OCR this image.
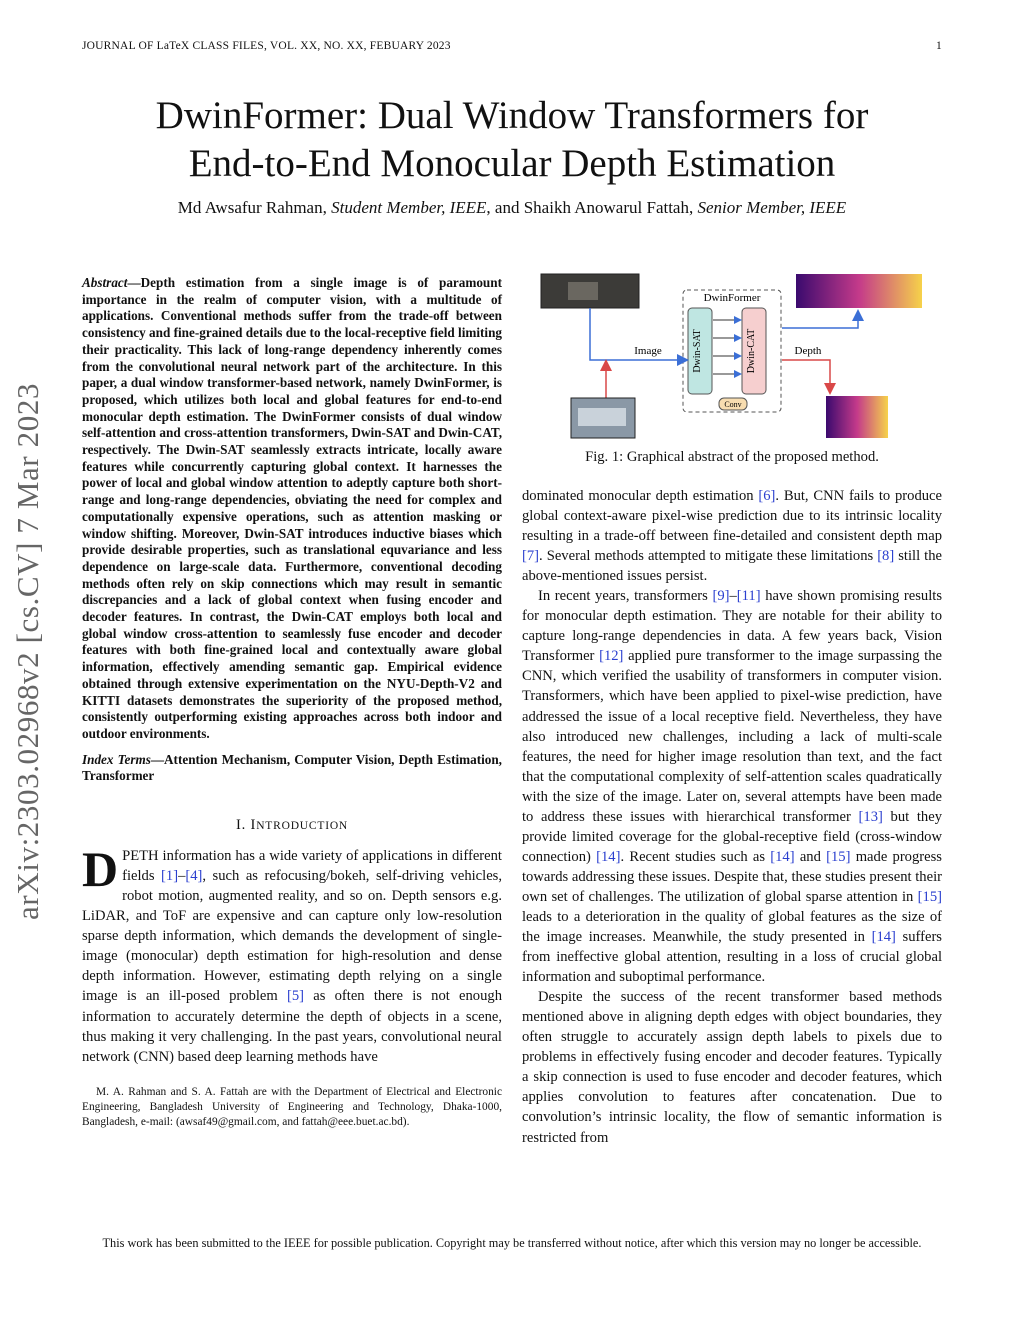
JOURNAL OF LaTeX CLASS FILES, VOL. XX, NO. XX, FEBUARY 2023	1
DwinFormer: Dual Window Transformers for
End-to-End Monocular Depth Estimation
Md Awsafur Rahman, Student Member, IEEE, and Shaikh Anowarul Fattah, Senior Member, IEEE
arXiv:2303.02968v2 [cs.CV] 7 Mar 2023

Abstract—Depth estimation from a single image is of paramount importance in the realm of computer vision, with a multitude of applications. Conventional methods suffer from the trade-off between consistency and fine-grained details due to the local-receptive field limiting their practicality. This lack of long-range dependency inherently comes from the convolutional neural network part of the architecture. In this paper, a dual window transformer-based network, namely DwinFormer, is proposed, which utilizes both local and global features for end-to-end monocular depth estimation. The DwinFormer consists of dual window self-attention and cross-attention transformers, Dwin-SAT and Dwin-CAT, respectively. The Dwin-SAT seamlessly extracts intricate, locally aware features while concurrently capturing global context. It harnesses the power of local and global window attention to adeptly capture both short-range and long-range dependencies, obviating the need for complex and computationally expensive operations, such as attention masking or window shifting. Moreover, Dwin-SAT introduces inductive biases which provide desirable properties, such as translational equvariance and less dependence on large-scale data. Furthermore, conventional decoding methods often rely on skip connections which may result in semantic discrepancies and a lack of global context when fusing encoder and decoder features. In contrast, the Dwin-CAT employs both local and global window cross-attention to seamlessly fuse encoder and decoder features with both fine-grained local and contextually aware global information, effectively amending semantic gap. Empirical evidence obtained through extensive experimentation on the NYU-Depth-V2 and KITTI datasets demonstrates the superiority of the proposed method, consistently outperforming existing approaches across both indoor and outdoor environments.

Index Terms—Attention Mechanism, Computer Vision, Depth Estimation, Transformer

I. INTRODUCTION

DPETH information has a wide variety of applications in different fields [1]–[4], such as refocusing/bokeh, self-driving vehicles, robot motion, augmented reality, and so on. Depth sensors e.g. LiDAR, and ToF are expensive and can capture only low-resolution sparse depth information, which demands the development of single-image (monocular) depth estimation for high-resolution and dense depth information. However, estimating depth relying on a single image is an ill-posed problem [5] as often there is not enough information to accurately determine the depth of objects in a scene, thus making it very challenging. In the past years, convolutional neural network (CNN) based deep learning methods have

M. A. Rahman and S. A. Fattah are with the Department of Electrical and Electronic Engineering, Bangladesh University of Engineering and Technology, Dhaka-1000, Bangladesh, e-mail: (awsaf49@gmail.com, and fattah@eee.buet.ac.bd).

DwinFormer
Dwin-SAT	Dwin-CAT
Conv
Image	Depth
Fig. 1: Graphical abstract of the proposed method.

dominated monocular depth estimation [6]. But, CNN fails to produce global context-aware pixel-wise prediction due to its intrinsic locality resulting in a trade-off between fine-detailed and consistent depth map [7]. Several methods attempted to mitigate these limitations [8] still the above-mentioned issues persist.

In recent years, transformers [9]–[11] have shown promising results for monocular depth estimation. They are notable for their ability to capture long-range dependencies in data. A few years back, Vision Transformer [12] applied pure transformer to the image surpassing the CNN, which verified the usability of transformers in computer vision. Transformers, which have been applied to pixel-wise prediction, have addressed the issue of a local receptive field. Nevertheless, they have also introduced new challenges, including a lack of multi-scale features, the need for higher image resolution than text, and the fact that the computational complexity of self-attention scales quadratically with the size of the image. Later on, several attempts have been made to address these issues with hierarchical transformer [13] but they provide limited coverage for the global-receptive field (cross-window connection) [14]. Recent studies such as [14] and [15] made progress towards addressing these issues. Despite that, these studies present their own set of challenges. The utilization of global sparse attention in [15] leads to a deterioration in the quality of global features as the size of the image increases. Meanwhile, the study presented in [14] suffers from ineffective global attention, resulting in a loss of crucial global information and suboptimal performance.

Despite the success of the recent transformer based methods mentioned above in aligning depth edges with object boundaries, they often struggle to accurately assign depth labels to pixels due to problems in effectively fusing encoder and decoder features. Typically a skip connection is used to fuse encoder and decoder features, which applies convolution to features after concatenation. Due to convolution’s intrinsic locality, the flow of semantic information is restricted from

This work has been submitted to the IEEE for possible publication. Copyright may be transferred without notice, after which this version may no longer be accessible.
